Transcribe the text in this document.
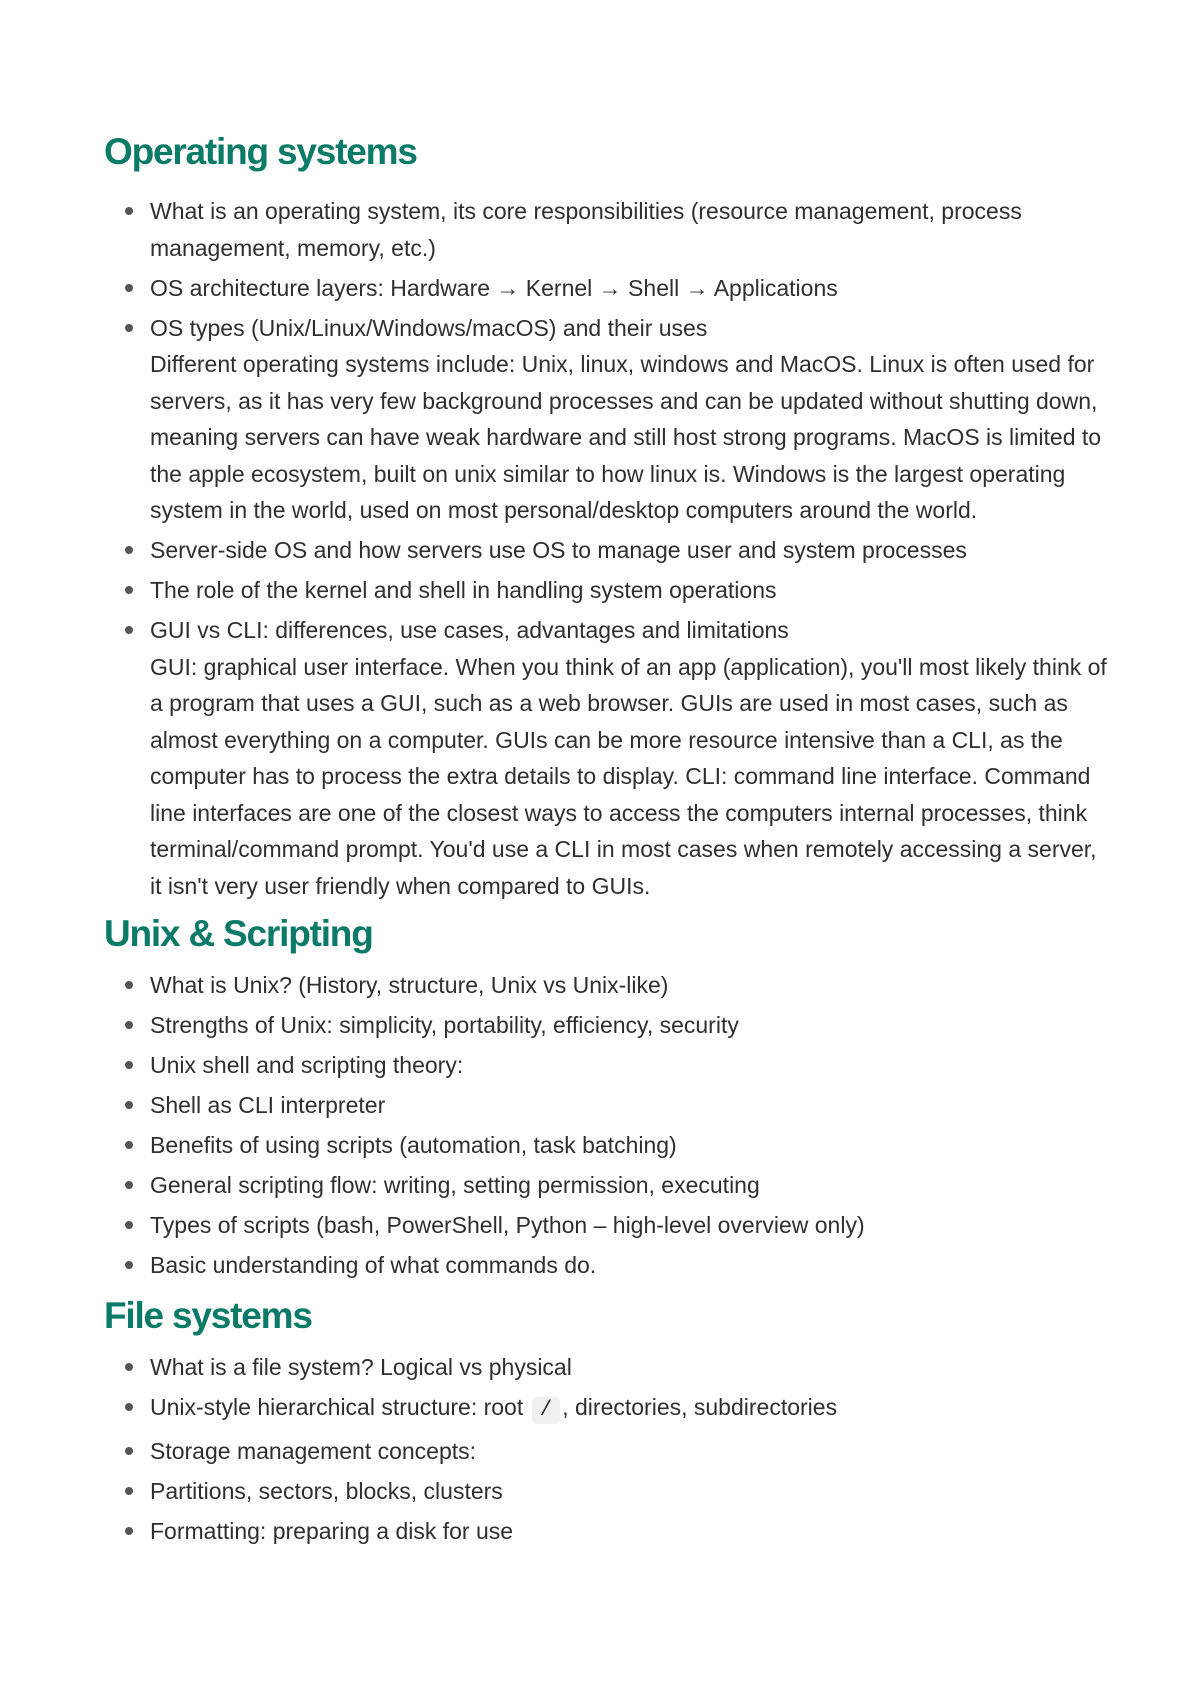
Operating systems
What is an operating system, its core responsibilities (resource management, process management, memory, etc.)
OS architecture layers: Hardware → Kernel → Shell → Applications
OS types (Unix/Linux/Windows/macOS) and their uses
Different operating systems include: Unix, linux, windows and MacOS. Linux is often used for servers, as it has very few background processes and can be updated without shutting down, meaning servers can have weak hardware and still host strong programs. MacOS is limited to the apple ecosystem, built on unix similar to how linux is. Windows is the largest operating system in the world, used on most personal/desktop computers around the world.
Server-side OS and how servers use OS to manage user and system processes
The role of the kernel and shell in handling system operations
GUI vs CLI: differences, use cases, advantages and limitations
GUI: graphical user interface. When you think of an app (application), you'll most likely think of a program that uses a GUI, such as a web browser. GUIs are used in most cases, such as almost everything on a computer. GUIs can be more resource intensive than a CLI, as the computer has to process the extra details to display. CLI: command line interface. Command line interfaces are one of the closest ways to access the computers internal processes, think terminal/command prompt. You'd use a CLI in most cases when remotely accessing a server, it isn't very user friendly when compared to GUIs.
Unix & Scripting
What is Unix? (History, structure, Unix vs Unix-like)
Strengths of Unix: simplicity, portability, efficiency, security
Unix shell and scripting theory:
Shell as CLI interpreter
Benefits of using scripts (automation, task batching)
General scripting flow: writing, setting permission, executing
Types of scripts (bash, PowerShell, Python – high-level overview only)
Basic understanding of what commands do.
File systems
What is a file system? Logical vs physical
Unix-style hierarchical structure: root / , directories, subdirectories
Storage management concepts:
Partitions, sectors, blocks, clusters
Formatting: preparing a disk for use
